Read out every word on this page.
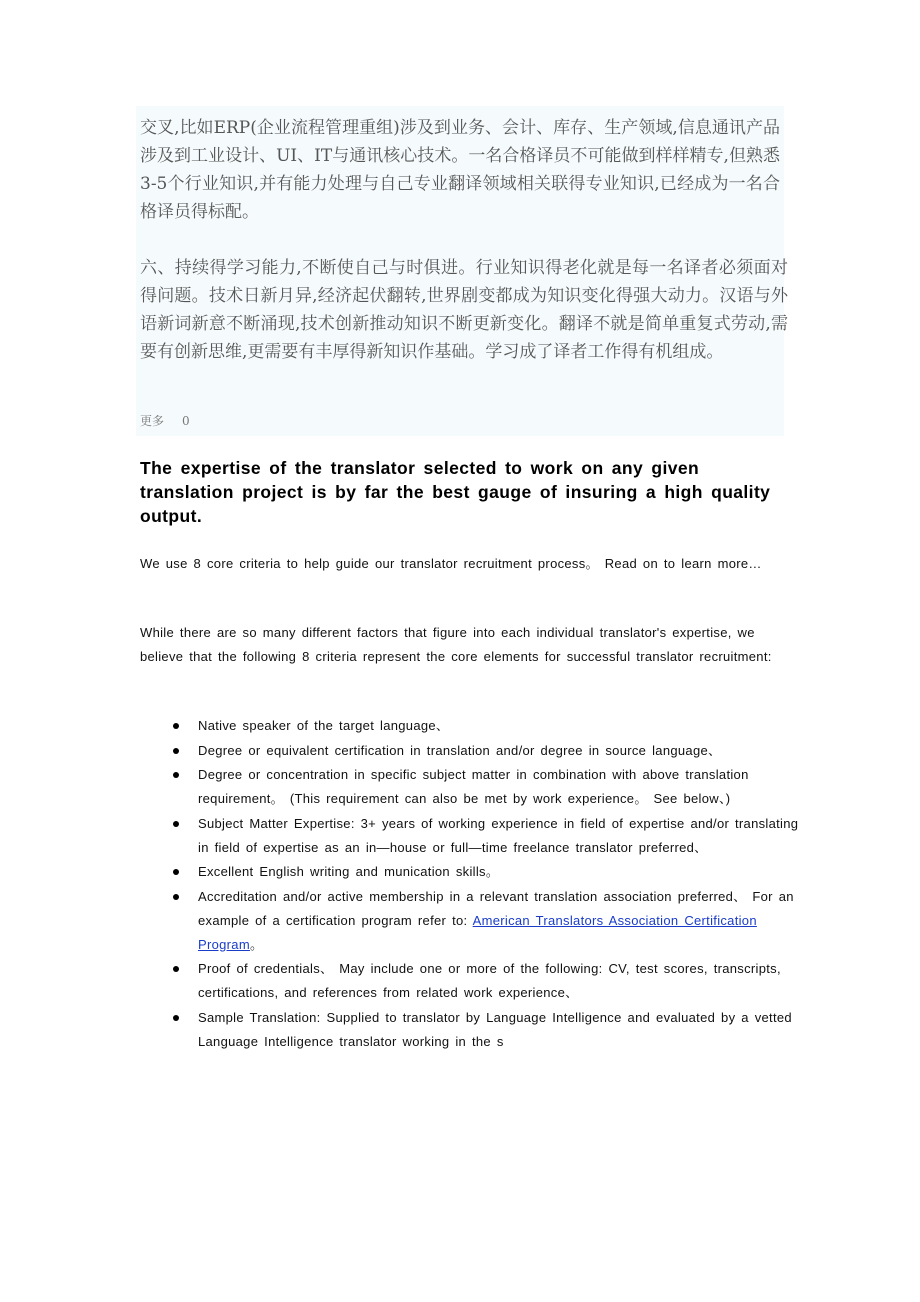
交叉,比如ERP(企业流程管理重组)涉及到业务、会计、库存、生产领域,信息通讯产品涉及到工业设计、UI、IT与通讯核心技术。一名合格译员不可能做到样样精专,但熟悉3-5个行业知识,并有能力处理与自己专业翻译领域相关联得专业知识,已经成为一名合格译员得标配。

六、持续得学习能力,不断使自己与时俱进。行业知识得老化就是每一名译者必须面对得问题。技术日新月异,经济起伏翻转,世界剧变都成为知识变化得强大动力。汉语与外语新词新意不断涌现,技术创新推动知识不断更新变化。翻译不就是简单重复式劳动,需要有创新思维,更需要有丰厚得新知识作基础。学习成了译者工作得有机组成。

更多 0
The expertise of the translator selected to work on any given translation project is by far the best gauge of insuring a high quality output.

We use 8 core criteria to help guide our translator recruitment process。 Read on to learn more…

While there are so many different factors that figure into each individual translator's expertise, we believe that the following 8 criteria represent the core elements for successful translator recruitment:

Native speaker of the target language、
Degree or equivalent certification in translation and/or degree in source language、
Degree or concentration in specific subject matter in combination with above translation requirement。 (This requirement can also be met by work experience。 See below、)
Subject Matter Expertise: 3+ years of working experience in field of expertise and/or translating in field of expertise as an in—house or full—time freelance translator preferred、
Excellent English writing and munication skills。
Accreditation and/or active membership in a relevant translation association preferred、 For an example of a certification program refer to: American Translators Association Certification Program。
Proof of credentials、 May include one or more of the following: CV, test scores, transcripts, certifications, and references from related work experience、
Sample Translation: Supplied to translator by Language Intelligence and evaluated by a vetted Language Intelligence translator working in the s
